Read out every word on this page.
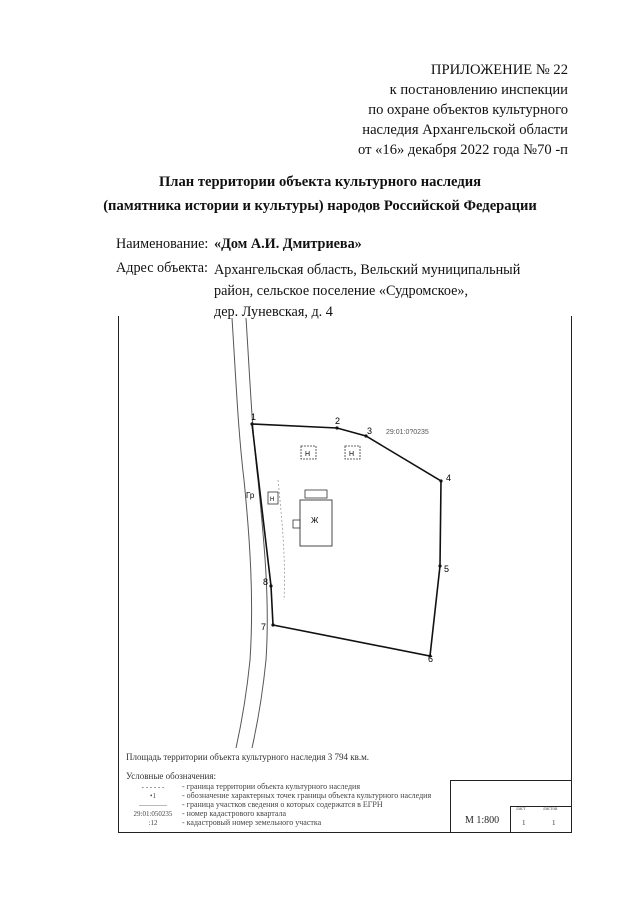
ПРИЛОЖЕНИЕ № 22
к постановлению инспекции
по охране объектов культурного
наследия Архангельской области
от «16» декабря 2022 года №70 -п
План территории объекта культурного наследия
(памятника истории и культуры) народов Российской Федерации
Наименование: «Дом А.И. Дмитриева»
Адрес объекта: Архангельская область, Вельский муниципальный
район, сельское поселение «Судромское»,
дер. Луневская, д. 4
1	2
3
4
5
6
7
8
29:01:0?0235
Н	Н
Н
Ж
Гр
Площадь территории объекта культурного наследия 3 794 кв.м.
Условные обозначения:
- - - - - - - граница территории объекта культурного наследия
•1	- обозначение характерных точек границы объекта культурного наследия
———— - граница участков сведения о которых содержатся в ЕГРН
29:01:050235 - номер кадастрового квартала
:12	- кадастровый номер земельного участка	М 1:800
лист	листов
1	1
